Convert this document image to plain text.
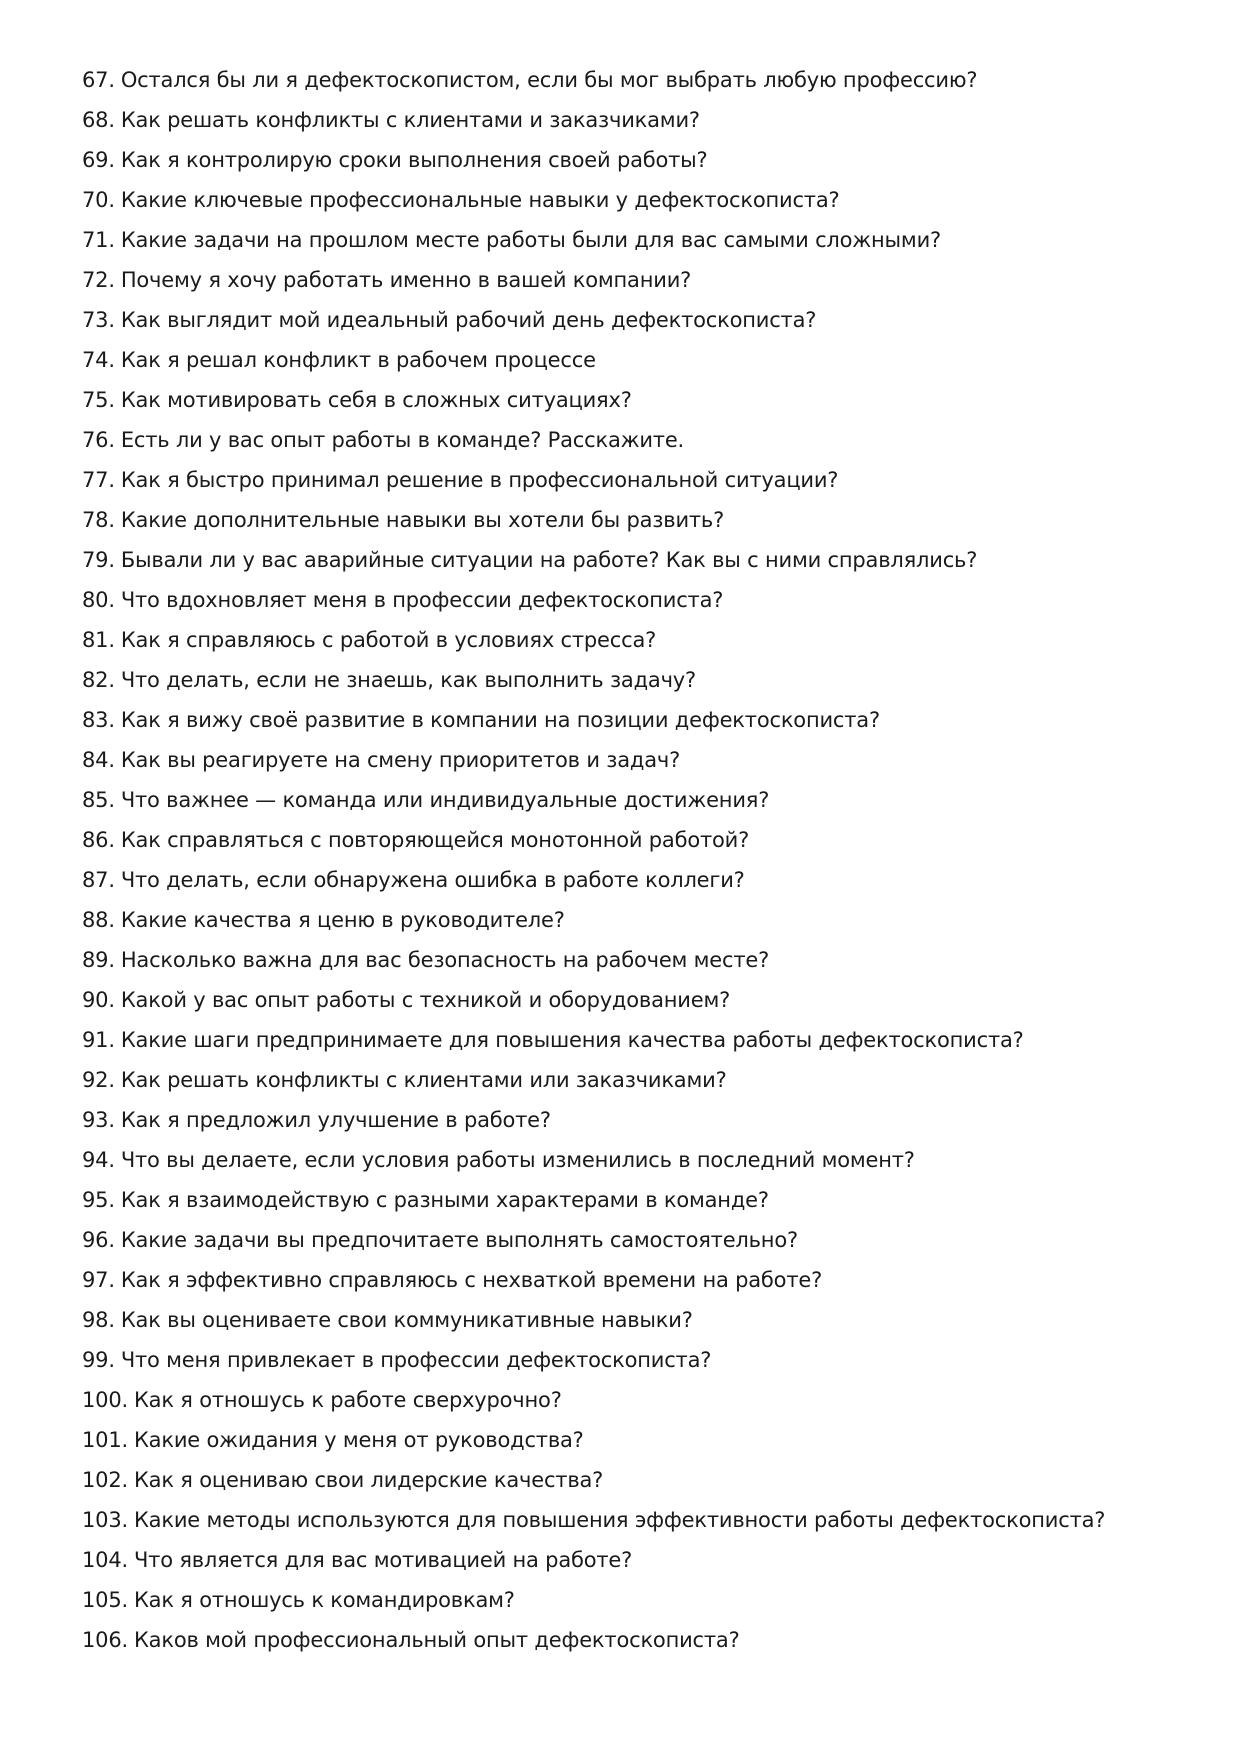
67. Остался бы ли я дефектоскопистом, если бы мог выбрать любую профессию?
68. Как решать конфликты с клиентами и заказчиками?
69. Как я контролирую сроки выполнения своей работы?
70. Какие ключевые профессиональные навыки у дефектоскописта?
71. Какие задачи на прошлом месте работы были для вас самыми сложными?
72. Почему я хочу работать именно в вашей компании?
73. Как выглядит мой идеальный рабочий день дефектоскописта?
74. Как я решал конфликт в рабочем процессе
75. Как мотивировать себя в сложных ситуациях?
76. Есть ли у вас опыт работы в команде? Расскажите.
77. Как я быстро принимал решение в профессиональной ситуации?
78. Какие дополнительные навыки вы хотели бы развить?
79. Бывали ли у вас аварийные ситуации на работе? Как вы с ними справлялись?
80. Что вдохновляет меня в профессии дефектоскописта?
81. Как я справляюсь с работой в условиях стресса?
82. Что делать, если не знаешь, как выполнить задачу?
83. Как я вижу своё развитие в компании на позиции дефектоскописта?
84. Как вы реагируете на смену приоритетов и задач?
85. Что важнее — команда или индивидуальные достижения?
86. Как справляться с повторяющейся монотонной работой?
87. Что делать, если обнаружена ошибка в работе коллеги?
88. Какие качества я ценю в руководителе?
89. Насколько важна для вас безопасность на рабочем месте?
90. Какой у вас опыт работы с техникой и оборудованием?
91. Какие шаги предпринимаете для повышения качества работы дефектоскописта?
92. Как решать конфликты с клиентами или заказчиками?
93. Как я предложил улучшение в работе?
94. Что вы делаете, если условия работы изменились в последний момент?
95. Как я взаимодействую с разными характерами в команде?
96. Какие задачи вы предпочитаете выполнять самостоятельно?
97. Как я эффективно справляюсь с нехваткой времени на работе?
98. Как вы оцениваете свои коммуникативные навыки?
99. Что меня привлекает в профессии дефектоскописта?
100. Как я отношусь к работе сверхурочно?
101. Какие ожидания у меня от руководства?
102. Как я оцениваю свои лидерские качества?
103. Какие методы используются для повышения эффективности работы дефектоскописта?
104. Что является для вас мотивацией на работе?
105. Как я отношусь к командировкам?
106. Каков мой профессиональный опыт дефектоскописта?
